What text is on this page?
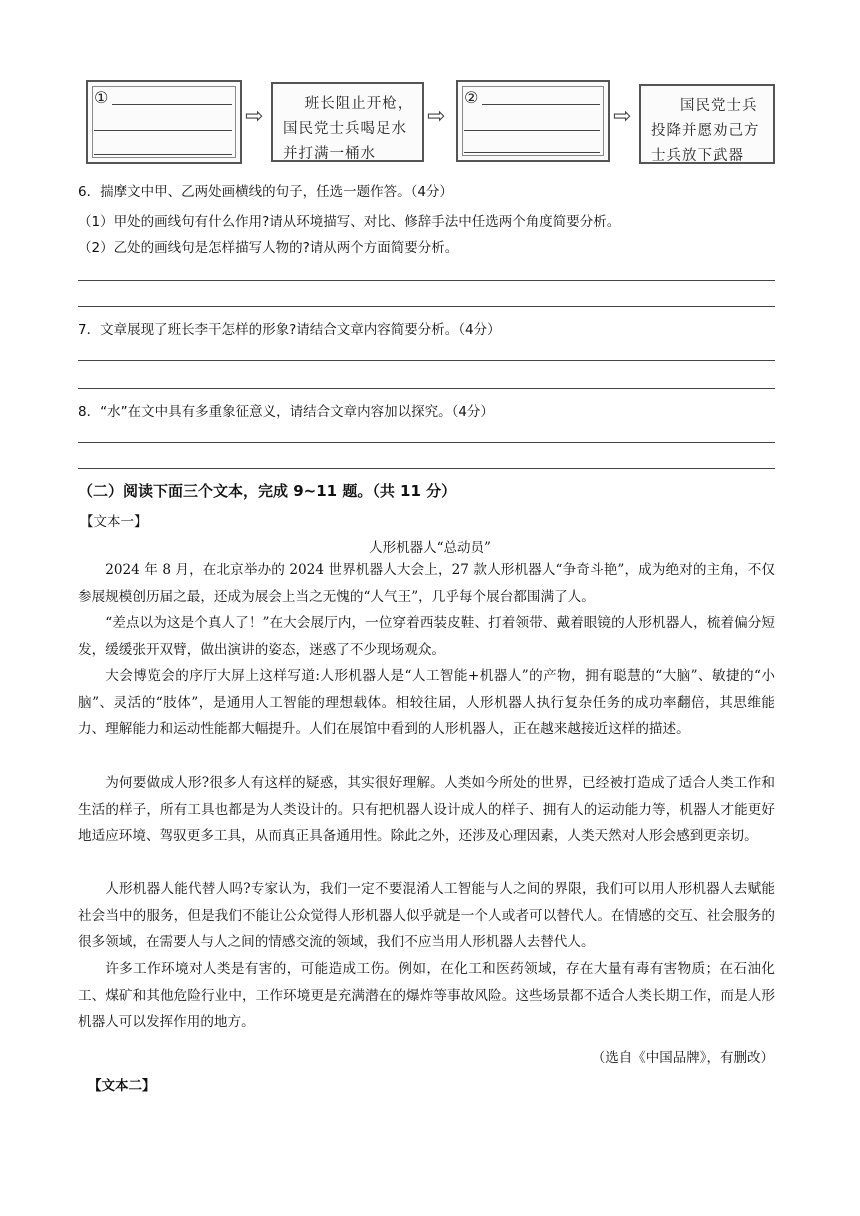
①
⇨	班长阻止开枪，国民党士兵喝足水并打满一桶水
⇨
②
⇨	国民党士兵投降并愿劝己方士兵放下武器
6．揣摩文中甲、乙两处画横线的句子，任选一题作答。（4分）
（1）甲处的画线句有什么作用?请从环境描写、对比、修辞手法中任选两个角度简要分析。
（2）乙处的画线句是怎样描写人物的?请从两个方面简要分析。
7．文章展现了班长李干怎样的形象?请结合文章内容简要分析。（4分）
8．“水”在文中具有多重象征意义，请结合文章内容加以探究。（4分）
（二）阅读下面三个文本，完成 9~11 题。（共 11 分）
【文本一】
人形机器人“总动员”

2024 年 8 月，在北京举办的 2024 世界机器人大会上，27 款人形机器人“争奇斗艳”，成为绝对的主角，不仅参展规模创历届之最，还成为展会上当之无愧的“人气王”，几乎每个展台都围满了人。

“差点以为这是个真人了！”在大会展厅内，一位穿着西装皮鞋、打着领带、戴着眼镜的人形机器人，梳着偏分短发，缓缓张开双臂，做出演讲的姿态，迷惑了不少现场观众。

大会博览会的序厅大屏上这样写道:人形机器人是“人工智能+机器人”的产物，拥有聪慧的“大脑”、敏捷的“小脑”、灵活的“肢体”，是通用人工智能的理想载体。相较往届，人形机器人执行复杂任务的成功率翻倍，其思维能力、理解能力和运动性能都大幅提升。人们在展馆中看到的人形机器人，正在越来越接近这样的描述。

为何要做成人形?很多人有这样的疑惑，其实很好理解。人类如今所处的世界，已经被打造成了适合人类工作和生活的样子，所有工具也都是为人类设计的。只有把机器人设计成人的样子、拥有人的运动能力等，机器人才能更好地适应环境、驾驭更多工具，从而真正具备通用性。除此之外，还涉及心理因素，人类天然对人形会感到更亲切。

人形机器人能代替人吗?专家认为，我们一定不要混淆人工智能与人之间的界限，我们可以用人形机器人去赋能社会当中的服务，但是我们不能让公众觉得人形机器人似乎就是一个人或者可以替代人。在情感的交互、社会服务的很多领域，在需要人与人之间的情感交流的领域，我们不应当用人形机器人去替代人。

许多工作环境对人类是有害的，可能造成工伤。例如，在化工和医药领域，存在大量有毒有害物质；在石油化工、煤矿和其他危险行业中，工作环境更是充满潜在的爆炸等事故风险。这些场景都不适合人类长期工作，而是人形机器人可以发挥作用的地方。

（选自《中国品牌》，有删改）
【文本二】
